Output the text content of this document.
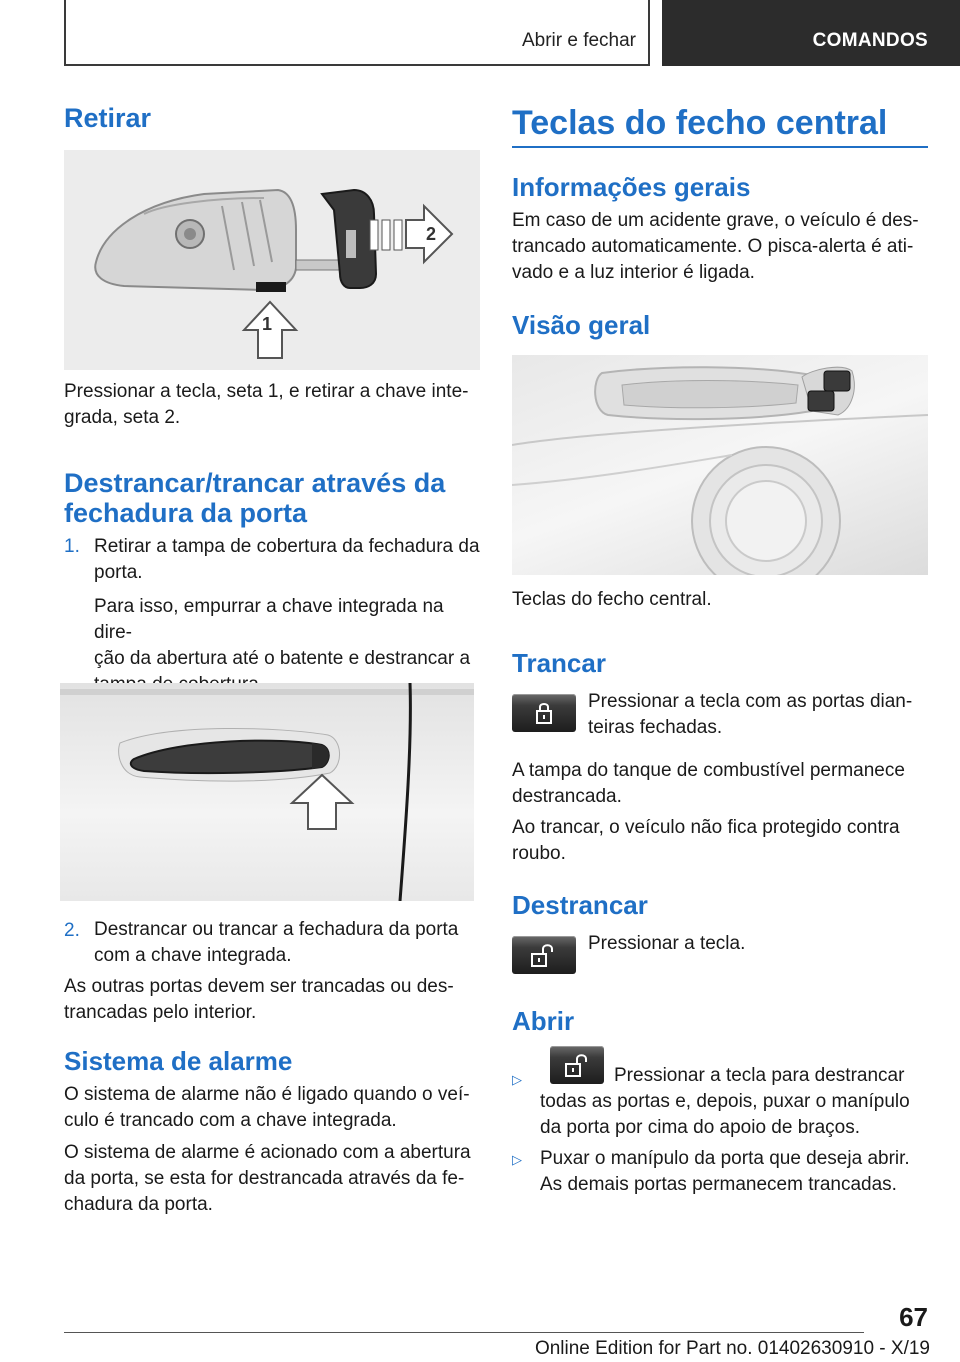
Abrir e fechar	COMANDOS
Retirar
2
1
Pressionar a tecla, seta 1, e retirar a chave inte-
grada, seta 2.
Destrancar/trancar através da
fechadura da porta
1. Retirar a tampa de cobertura da fechadura da
porta.
Para isso, empurrar a chave integrada na dire-
ção da abertura até o batente e destrancar a

2. Destrancar ou trancar a fechadura da porta
com a chave integrada.
As outras portas devem ser trancadas ou des-
trancadas pelo interior.
Sistema de alarme
O sistema de alarme não é ligado quando o veí-
culo é trancado com a chave integrada.
O sistema de alarme é acionado com a abertura
da porta, se esta for destrancada através da fe-
chadura da porta.
Teclas do fecho central
Informações gerais
Em caso de um acidente grave, o veículo é des-
trancado automaticamente. O pisca-alerta é ati-
vado e a luz interior é ligada.
Visão geral
Teclas do fecho central.
Trancar
Pressionar a tecla com as portas dian-
teiras fechadas.
A tampa do tanque de combustível permanece
destrancada.
Ao trancar, o veículo não fica protegido contra
roubo.
Destrancar
Pressionar a tecla.
Abrir
▷	Pressionar a tecla para destrancar
todas as portas e, depois, puxar o manípulo
da porta por cima do apoio de braços.
▷ Puxar o manípulo da porta que deseja abrir.
As demais portas permanecem trancadas.
67
Online Edition for Part no. 01402630910 - X/19
